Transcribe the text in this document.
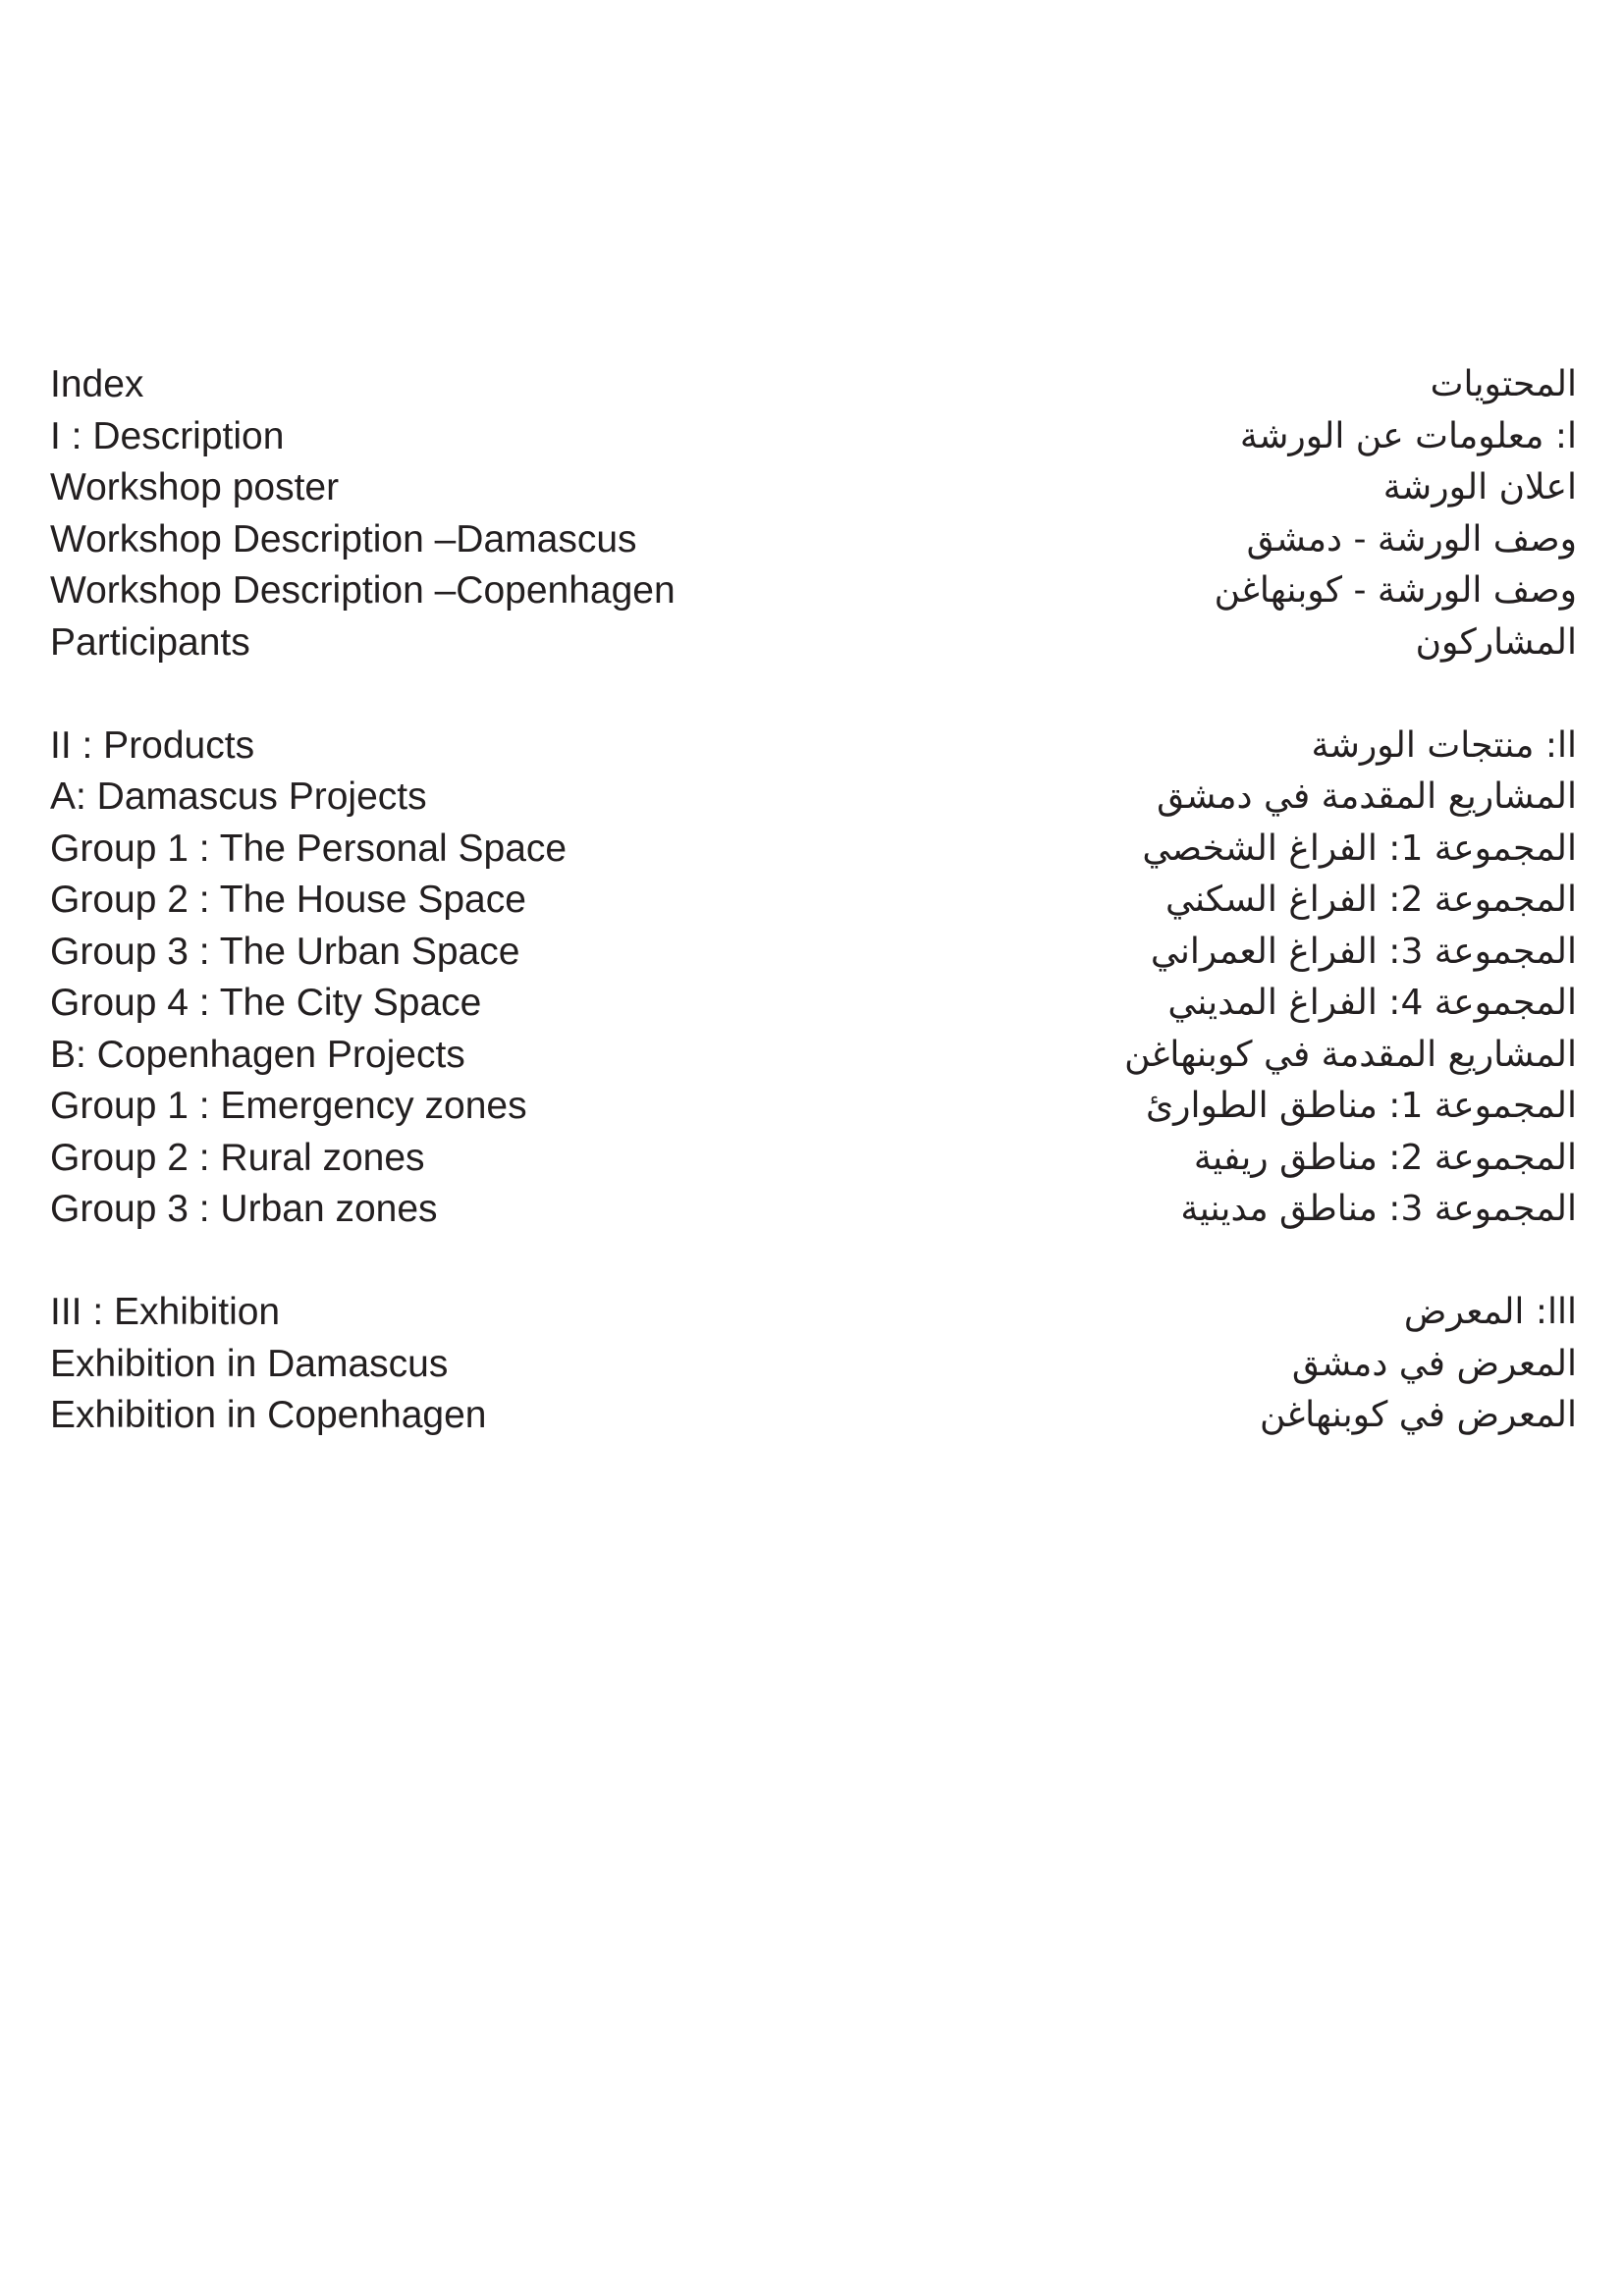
Index
I : Description
Workshop poster
Workshop Description –Damascus
Workshop Description –Copenhagen
Participants
II : Products
A: Damascus Projects
Group 1 : The Personal Space
Group 2 : The House Space
Group 3 : The Urban Space
Group 4 : The City Space
B: Copenhagen Projects
Group 1 : Emergency zones
Group 2 : Rural zones
Group 3 : Urban zones
III : Exhibition
Exhibition in Damascus
Exhibition in Copenhagen
المحتويات
ا: معلومات عن الورشة
اعلان الورشة
وصف الورشة - دمشق
وصف الورشة - كوبنهاغن
المشاركون
اا: منتجات الورشة
المشاريع المقدمة في دمشق
المجموعة 1: الفراغ الشخصي
المجموعة 2: الفراغ السكني
المجموعة 3: الفراغ العمراني
المجموعة 4: الفراغ المديني
المشاريع المقدمة في كوبنهاغن
المجموعة 1: مناطق الطوارئ
المجموعة 2: مناطق ريفية
المجموعة 3: مناطق مدينية
ااا: المعرض
المعرض في دمشق
المعرض في كوبنهاغن
